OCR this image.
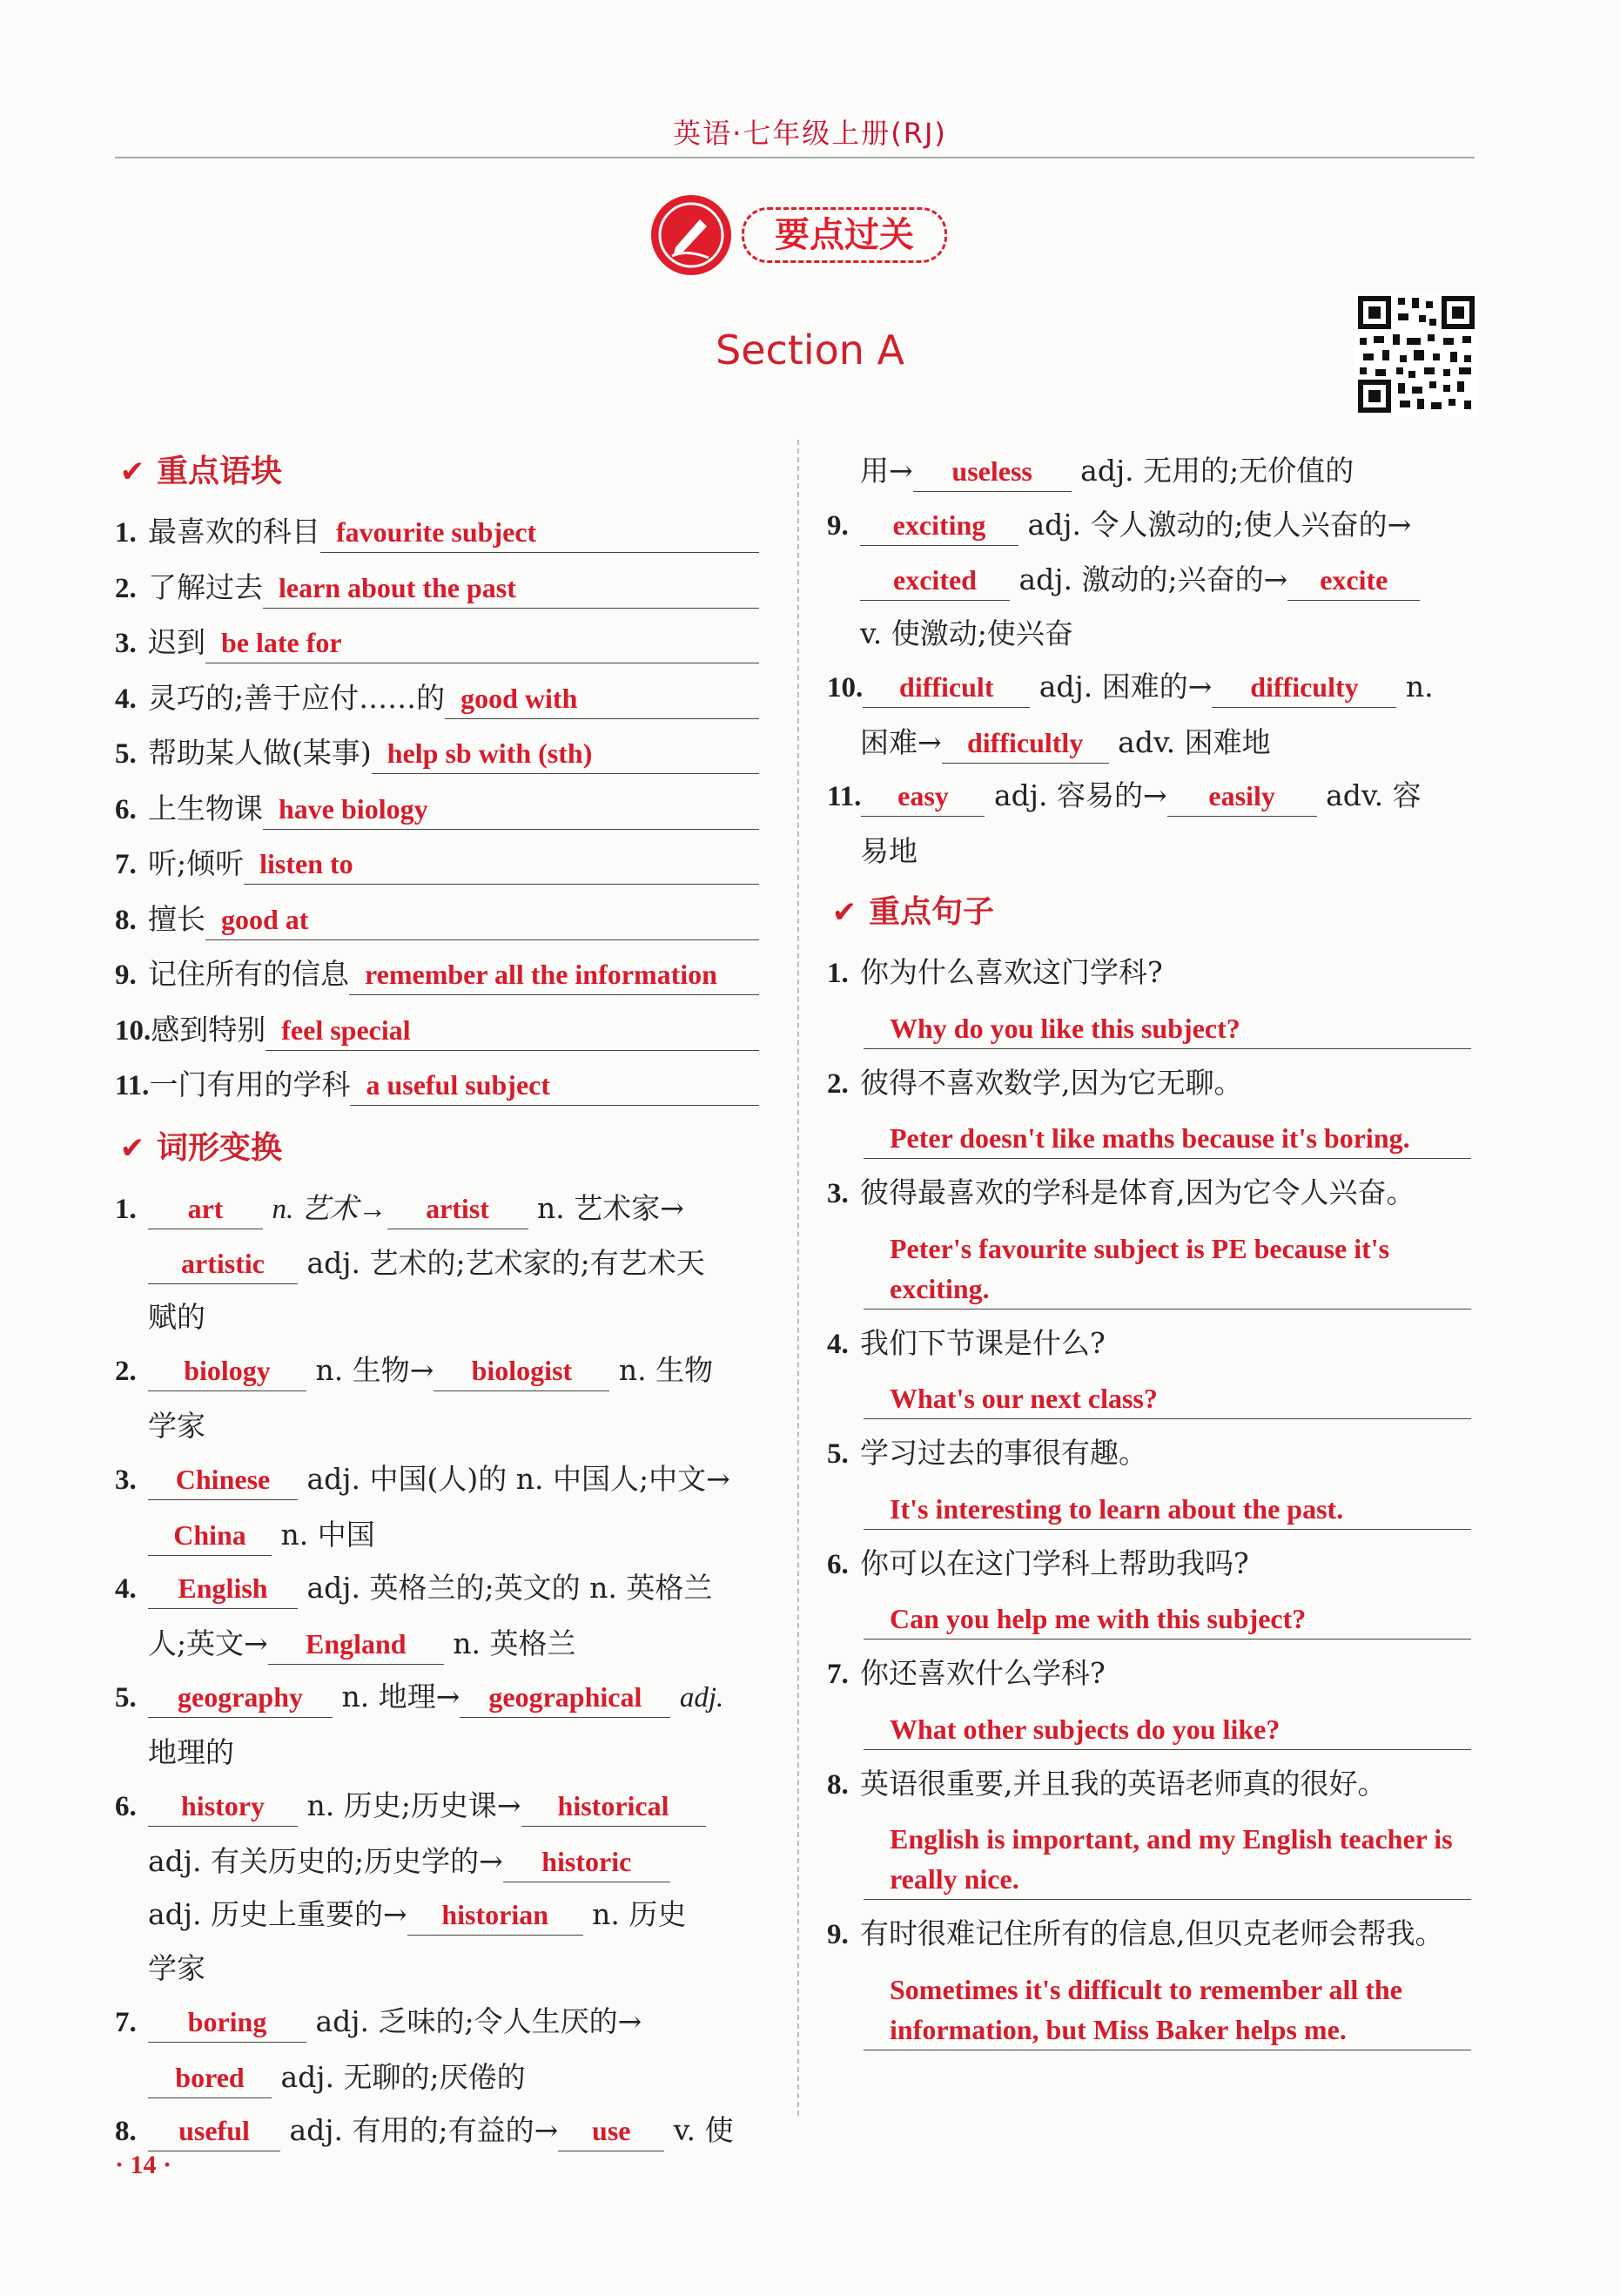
英语·七年级上册(RJ)
要点过关
Section A
✔ 重点语块
1. 最喜欢的科目 favourite subject
2. 了解过去 learn about the past
3. 迟到 be late for
4. 灵巧的;善于应付……的 good with
5. 帮助某人做(某事) help sb with (sth)
6. 上生物课 have biology
7. 听;倾听 listen to
8. 擅长 good at
9. 记住所有的信息 remember all the information
10.感到特别 feel special
11.一门有用的学科 a useful subject
✔ 词形变换
1. art n. 艺术→ artist n. 艺术家→
artistic adj. 艺术的;艺术家的;有艺术天
赋的
2. biology n. 生物→ biologist n. 生物
学家
3. Chinese adj. 中国(人)的 n. 中国人;中文→
China n. 中国
4. English adj. 英格兰的;英文的 n. 英格兰
人;英文→ England n. 英格兰
5. geography n. 地理→ geographical adj.
地理的
6. history n. 历史;历史课→ historical
adj. 有关历史的;历史学的→ historic
adj. 历史上重要的→ historian n. 历史
学家
7. boring adj. 乏味的;令人生厌的→
bored adj. 无聊的;厌倦的
8. useful adj. 有用的;有益的→ use v. 使
用→ useless adj. 无用的;无价值的
9. exciting adj. 令人激动的;使人兴奋的→
excited adj. 激动的;兴奋的→ excite
v. 使激动;使兴奋
10. difficult adj. 困难的→ difficulty n.
困难→ difficultly adv. 困难地
11. easy adj. 容易的→ easily adv. 容
易地
✔ 重点句子
1. 你为什么喜欢这门学科?
Why do you like this subject?
2. 彼得不喜欢数学,因为它无聊。
Peter doesn't like maths because it's boring.
3. 彼得最喜欢的学科是体育,因为它令人兴奋。
Peter's favourite subject is PE because it's exciting.
4. 我们下节课是什么?
What's our next class?
5. 学习过去的事很有趣。
It's interesting to learn about the past.
6. 你可以在这门学科上帮助我吗?
Can you help me with this subject?
7. 你还喜欢什么学科?
What other subjects do you like?
8. 英语很重要,并且我的英语老师真的很好。
English is important, and my English teacher is really nice.
9. 有时很难记住所有的信息,但贝克老师会帮我。
Sometimes it's difficult to remember all the information, but Miss Baker helps me.
· 14 ·
